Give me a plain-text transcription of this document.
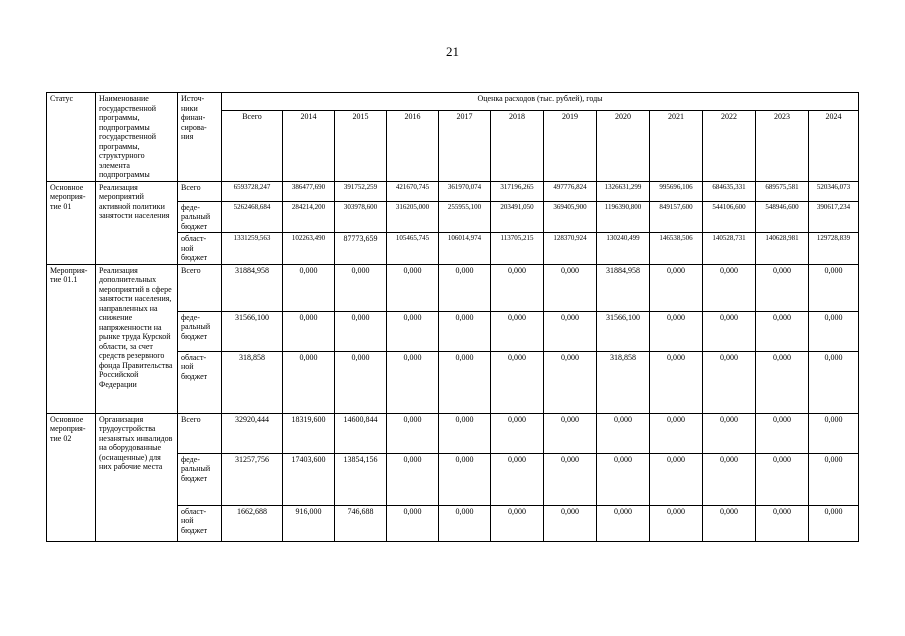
21
Статус	Наименование государственной программы, подпрограммы государственной программы, структурного элемента подпрограммы	Источ-ники финан-сирова-ния	Оценка расходов (тыс. рублей), годы											
			Всего	2014	2015	2016	2017	2018	2019	2020	2021	2022	2023	2024
Основное мероприя-тие 01	Реализация мероприятий активной политики занятости населения	Всего	6593728,247	386477,690	391752,259	421670,745	361970,074	317196,265	497776,824	1326631,299	995696,106	684635,331	689575,581	520346,073
		феде-ральный бюджет	5262468,684	284214,200	303978,600	316205,000	255955,100	203491,050	369405,900	1196390,800	849157,600	544106,600	548946,600	390617,234
		област-ной бюджет	1331259,563	102263,490	87773,659	105465,745	106014,974	113705,215	128370,924	130240,499	146538,506	140528,731	140628,981	129728,839
Мероприя-тие 01.1	Реализация дополнительных мероприятий в сфере занятости населения, направленных на снижение напряженности на рынке труда Курской области, за счет средств резервного фонда Правительства Российской Федерации	Всего	31884,958	0,000	0,000	0,000	0,000	0,000	0,000	31884,958	0,000	0,000	0,000	0,000
		феде-ральный бюджет	31566,100	0,000	0,000	0,000	0,000	0,000	0,000	31566,100	0,000	0,000	0,000	0,000
		област-ной бюджет	318,858	0,000	0,000	0,000	0,000	0,000	0,000	318,858	0,000	0,000	0,000	0,000
Основное мероприя-тие 02	Организация трудоустройства незанятых инвалидов на оборудованные (оснащенные) для них рабочие места	Всего	32920,444	18319,600	14600,844	0,000	0,000	0,000	0,000	0,000	0,000	0,000	0,000	0,000
		феде-ральный бюджет	31257,756	17403,600	13854,156	0,000	0,000	0,000	0,000	0,000	0,000	0,000	0,000	0,000
		област-ной бюджет	1662,688	916,000	746,688	0,000	0,000	0,000	0,000	0,000	0,000	0,000	0,000	0,000
